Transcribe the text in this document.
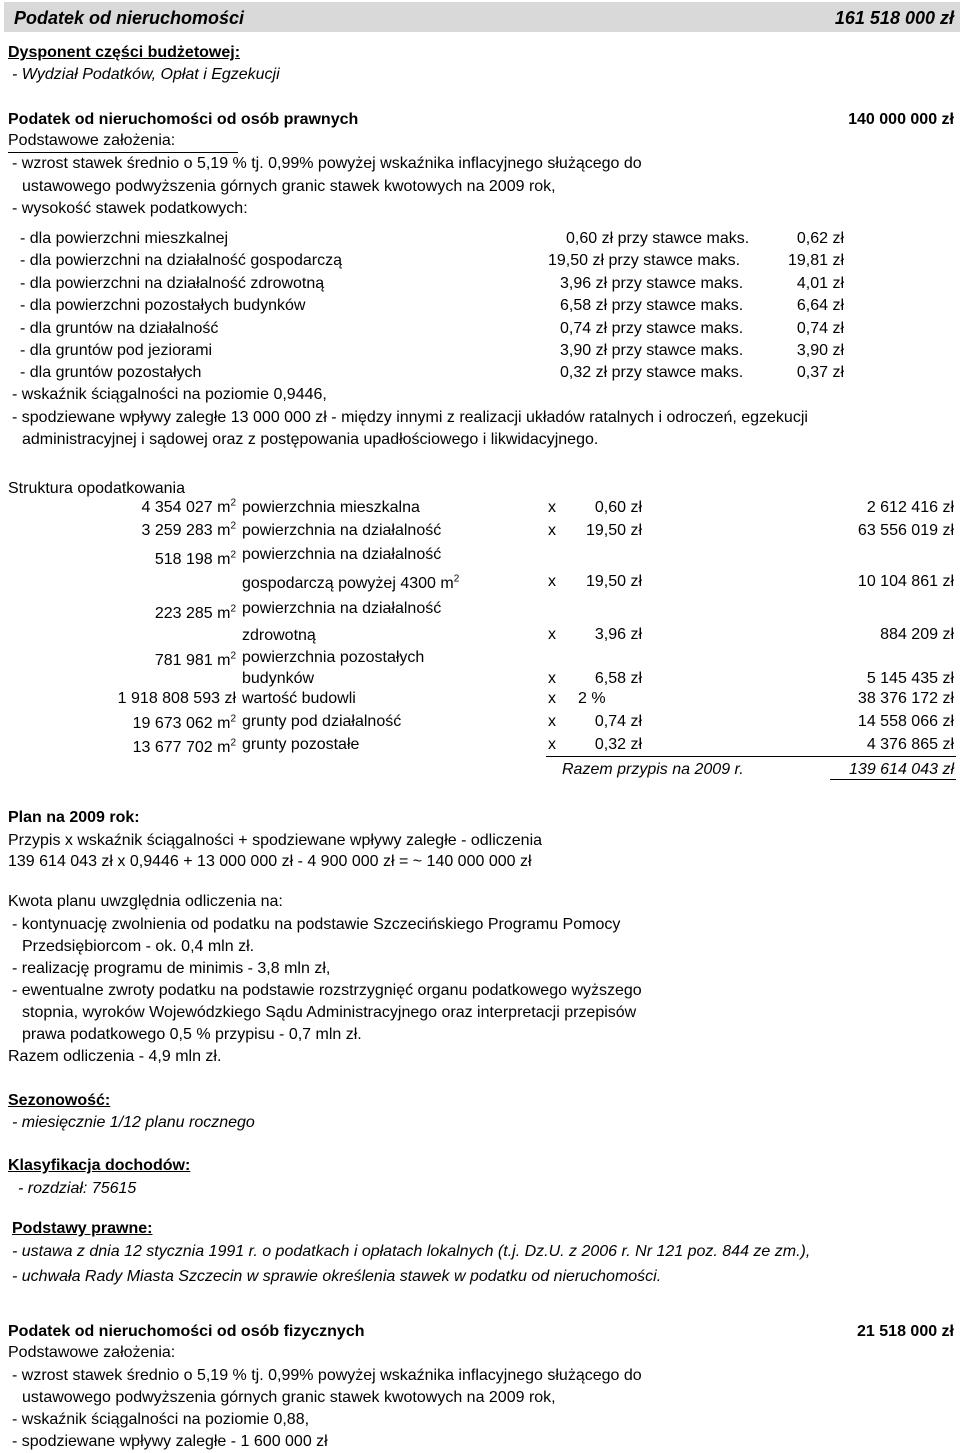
Podatek od nieruchomości	161 518 000 zł
Dysponent części budżetowej:
- Wydział Podatków, Opłat i Egzekucji
Podatek od nieruchomości od osób prawnych	140 000 000 zł
Podstawowe założenia:
- wzrost stawek średnio o 5,19 % tj. 0,99% powyżej wskaźnika inflacyjnego służącego do
ustawowego podwyższenia górnych granic stawek kwotowych na 2009 rok,
- wysokość stawek podatkowych:
- dla powierzchni mieszkalnej	0,60 zł przy stawce maks.	0,62 zł
- dla powierzchni na działalność gospodarczą	19,50 zł przy stawce maks.	19,81 zł
- dla powierzchni na działalność zdrowotną	3,96 zł przy stawce maks.	4,01 zł
- dla powierzchni pozostałych budynków	6,58 zł przy stawce maks.	6,64 zł
- dla gruntów na działalność	0,74 zł przy stawce maks.	0,74 zł
- dla gruntów pod jeziorami	3,90 zł przy stawce maks.	3,90 zł
- dla gruntów pozostałych	0,32 zł przy stawce maks.	0,37 zł
- wskaźnik ściągalności na poziomie 0,9446,
- spodziewane wpływy zaległe 13 000 000 zł - między innymi z realizacji układów ratalnych i odroczeń, egzekucji
administracyjnej i sądowej oraz z postępowania upadłościowego i likwidacyjnego.
Struktura opodatkowania
4 354 027 $m^2$ powierzchnia mieszkalna	x	0,60 zł	2 612 416 zł
3 259 283 $m^2$ powierzchnia na działalność	x	19,50 zł	63 556 019 zł
518 198 $m^2$ powierzchnia na działalność
gospodarczą powyżej 4300 $m^2$	x	19,50 zł	10 104 861 zł
223 285 $m^2$ powierzchnia na działalność
zdrowotną	x	3,96 zł	884 209 zł
781 981 $m^2$ powierzchnia pozostałych
budynków	x	6,58 zł	5 145 435 zł
1 918 808 593 zł wartość budowli	x 2 %	38 376 172 zł
19 673 062 $m^2$ grunty pod działalność	x	0,74 zł	14 558 066 zł
13 677 702 $m^2$ grunty pozostałe	x	0,32 zł	4 376 865 zł
Razem przypis na 2009 r.	139 614 043 zł
Plan na 2009 rok:
Przypis x wskaźnik ściągalności + spodziewane wpływy zaległe - odliczenia
139 614 043 zł x 0,9446 + 13 000 000 zł - 4 900 000 zł = ~ 140 000 000 zł
Kwota planu uwzględnia odliczenia na:
- kontynuację zwolnienia od podatku na podstawie Szczecińskiego Programu Pomocy
Przedsiębiorcom - ok. 0,4 mln zł.
- realizację programu de minimis - 3,8 mln zł,
- ewentualne zwroty podatku na podstawie rozstrzygnięć organu podatkowego wyższego
stopnia, wyroków Wojewódzkiego Sądu Administracyjnego oraz interpretacji przepisów
prawa podatkowego 0,5 % przypisu - 0,7 mln zł.
Razem odliczenia - 4,9 mln zł.
Sezonowość:
- miesięcznie 1/12 planu rocznego
Klasyfikacja dochodów:
- rozdział: 75615
Podstawy prawne:
- ustawa z dnia 12 stycznia 1991 r. o podatkach i opłatach lokalnych (t.j. Dz.U. z 2006 r. Nr 121 poz. 844 ze zm.),
- uchwała Rady Miasta Szczecin w sprawie określenia stawek w podatku od nieruchomości.
Podatek od nieruchomości od osób fizycznych	21 518 000 zł
Podstawowe założenia:
- wzrost stawek średnio o 5,19 % tj. 0,99% powyżej wskaźnika inflacyjnego służącego do
ustawowego podwyższenia górnych granic stawek kwotowych na 2009 rok,
- wskaźnik ściągalności na poziomie 0,88,
- spodziewane wpływy zaległe - 1 600 000 zł
